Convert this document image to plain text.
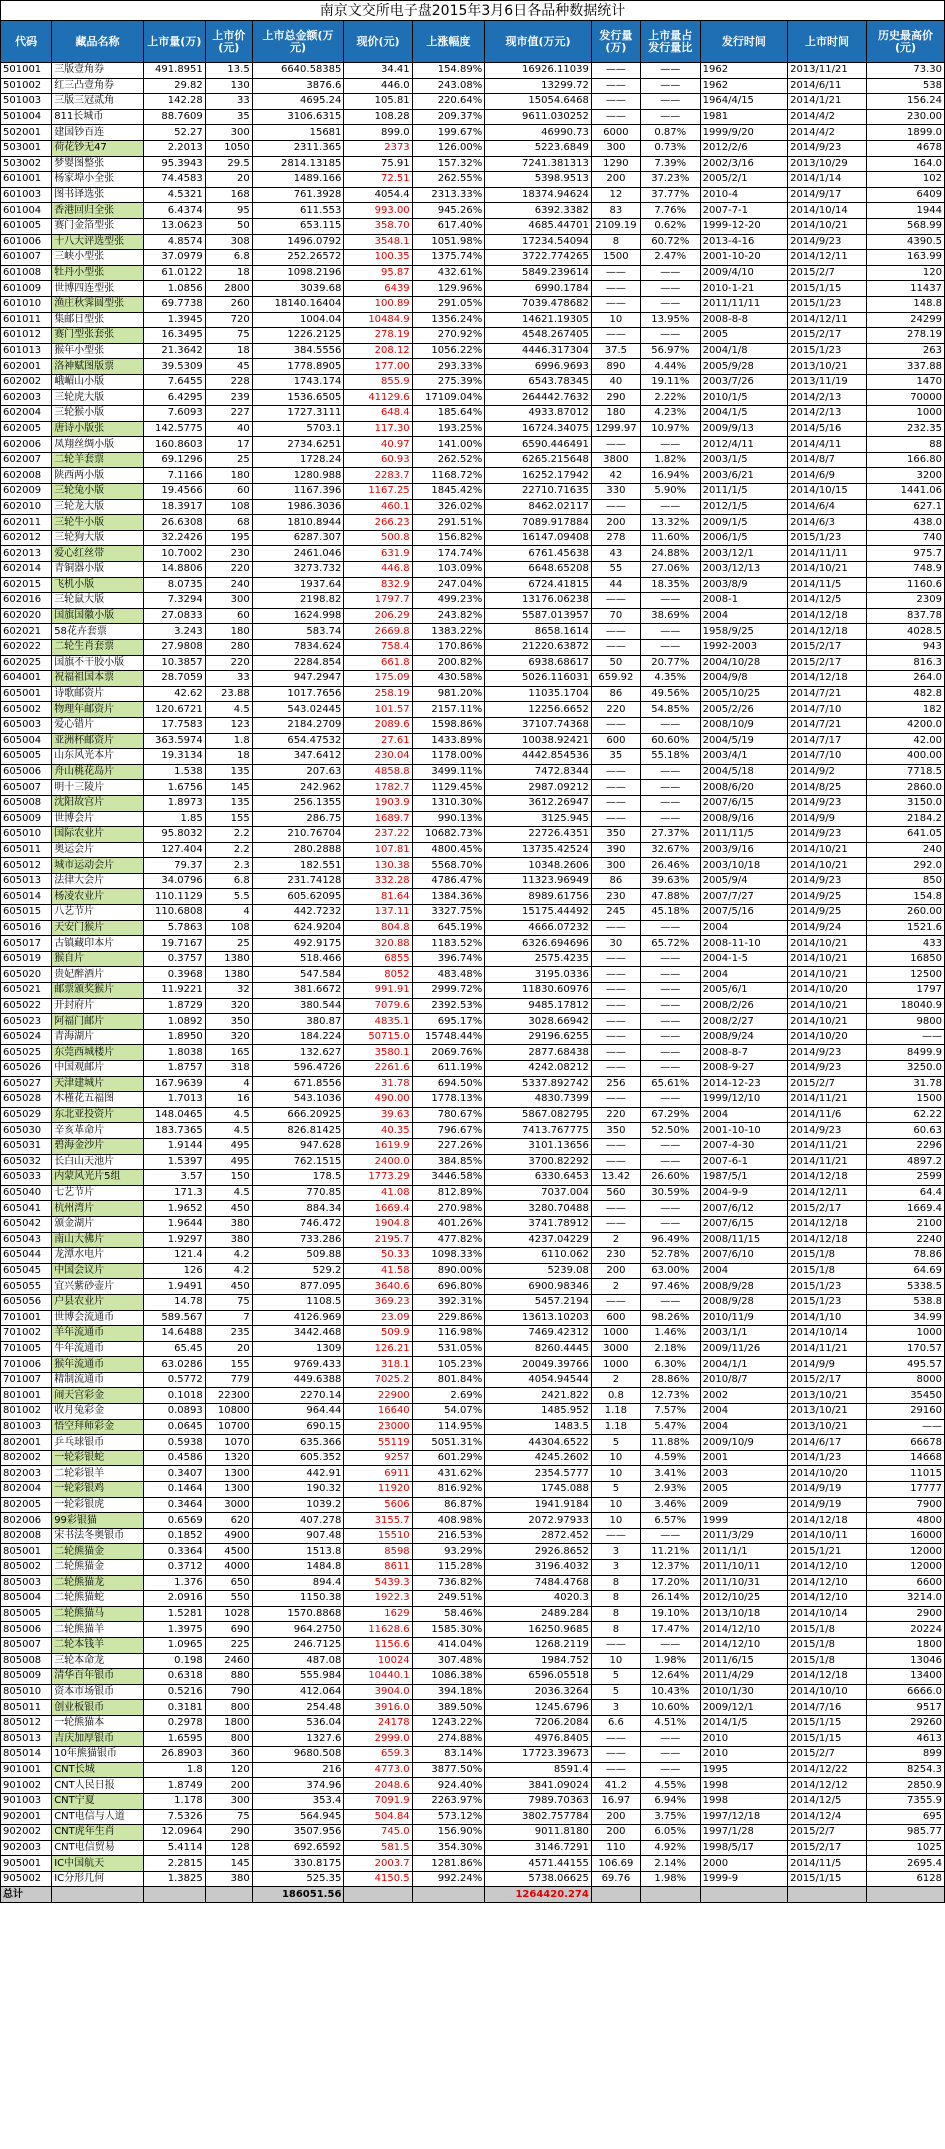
南京文交所电子盘2015年3月6日各品种数据统计
代码	藏品名称	上市量(万)	上市价(元)	上市总金额(万元)	现价(元)	上涨幅度	现市值(万元)	发行量(万)	上市量占发行量比	发行时间	上市时间	历史最高价(元)
501001	三版壹角券	491.8951	13.5	6640.58385	34.41	154.89%	16926.11039	——	——	1962	2013/11/21	73.30
501002	红三凸壹角券	29.82	130	3876.6	446.0	243.08%	13299.72	——	——	1962	2014/6/11	538
501003	三版三冠贰角	142.28	33	4695.24	105.81	220.64%	15054.6468	——	——	1964/4/15	2014/1/21	156.24
501004	811长城币	88.7609	35	3106.6315	108.28	209.37%	9611.030252	——	——	1981	2014/4/2	230.00
502001	建国钞百连	52.27	300	15681	899.0	199.67%	46990.73	6000	0.87%	1999/9/20	2014/4/2	1899.0
503001	荷花钞无47	2.2013	1050	2311.365	2373	126.00%	5223.6849	300	0.73%	2012/2/6	2014/9/23	4678
503002	梦婴图整张	95.3943	29.5	2814.13185	75.91	157.32%	7241.381313	1290	7.39%	2002/3/16	2013/10/29	164.0
601001	杨家埠小全张	74.4583	20	1489.166	72.51	262.55%	5398.9513	200	37.23%	2005/2/1	2014/1/14	102
601003	图书译选张	4.5321	168	761.3928	4054.4	2313.33%	18374.94624	12	37.77%	2010-4	2014/9/17	6409
601004	香港回归全张	6.4374	95	611.553	993.00	945.26%	6392.3382	83	7.76%	2007-7-1	2014/10/14	1944
601005	赛门金箔型张	13.0623	50	653.115	358.70	617.40%	4685.44701	2109.19	0.62%	1999-12-20	2014/10/21	568.99
601006	十八大评选型张	4.8574	308	1496.0792	3548.1	1051.98%	17234.54094	8	60.72%	2013-4-16	2014/9/23	4390.5
601007	三峡小型张	37.0979	6.8	252.26572	100.35	1375.74%	3722.774265	1500	2.47%	2001-10-20	2014/12/11	163.99
601008	牡丹小型张	61.0122	18	1098.2196	95.87	432.61%	5849.239614	——	——	2009/4/10	2015/2/7	120
601009	世博四连型张	1.0856	2800	3039.68	6439	129.96%	6990.1784	——	——	2010-1-21	2015/1/15	11437
601010	渔庄秋霁圆型张	69.7738	260	18140.16404	100.89	291.05%	7039.478682	——	——	2011/11/11	2015/1/23	148.8
601011	集邮日型张	1.3945	720	1004.04	10484.9	1356.24%	14621.19305	10	13.95%	2008-8-8	2014/12/11	24299
601012	赛门型张套张	16.3495	75	1226.2125	278.19	270.92%	4548.267405	——	——	2005	2015/2/17	278.19
601013	猴年小型张	21.3642	18	384.5556	208.12	1056.22%	4446.317304	37.5	56.97%	2004/1/8	2015/1/23	263
602001	洛神赋图版票	39.5309	45	1778.8905	177.00	293.33%	6996.9693	890	4.44%	2005/9/28	2013/10/21	337.88
602002	峨嵋山小版	7.6455	228	1743.174	855.9	275.39%	6543.78345	40	19.11%	2003/7/26	2013/11/19	1470
602003	三轮虎大版	6.4295	239	1536.6505	41129.6	17109.04%	264442.7632	290	2.22%	2010/1/5	2014/2/13	70000
602004	三轮猴小版	7.6093	227	1727.3111	648.4	185.64%	4933.87012	180	4.23%	2004/1/5	2014/2/13	1000
602005	唐诗小版张	142.5775	40	5703.1	117.30	193.25%	16724.34075	1299.97	10.97%	2009/9/13	2014/5/16	232.35
602006	凤翔丝绸小版	160.8603	17	2734.6251	40.97	141.00%	6590.446491	——	——	2012/4/11	2014/4/11	88
602007	二轮羊套票	69.1296	25	1728.24	60.93	262.52%	6265.215648	3800	1.82%	2003/1/5	2014/8/7	166.80
602008	陕西两小版	7.1166	180	1280.988	2283.7	1168.72%	16252.17942	42	16.94%	2003/6/21	2014/6/9	3200
602009	三轮兔小版	19.4566	60	1167.396	1167.25	1845.42%	22710.71635	330	5.90%	2011/1/5	2014/10/15	1441.06
602010	三轮龙大版	18.3917	108	1986.3036	460.1	326.02%	8462.02117	——	——	2012/1/5	2014/6/4	627.1
602011	三轮牛小版	26.6308	68	1810.8944	266.23	291.51%	7089.917884	200	13.32%	2009/1/5	2014/6/3	438.0
602012	三轮狗大版	32.2426	195	6287.307	500.8	156.82%	16147.09408	278	11.60%	2006/1/5	2015/1/23	740
602013	爱心红丝带	10.7002	230	2461.046	631.9	174.74%	6761.45638	43	24.88%	2003/12/1	2014/11/11	975.7
602014	青铜器小版	14.8806	220	3273.732	446.8	103.09%	6648.65208	55	27.06%	2003/12/13	2014/10/21	748.9
602015	飞机小版	8.0735	240	1937.64	832.9	247.04%	6724.41815	44	18.35%	2003/8/9	2014/11/5	1160.6
602016	三轮鼠大版	7.3294	300	2198.82	1797.7	499.23%	13176.06238	——	——	2008-1	2014/12/5	2309
602020	国旗国徽小版	27.0833	60	1624.998	206.29	243.82%	5587.013957	70	38.69%	2004	2014/12/18	837.78
602021	58花卉套票	3.243	180	583.74	2669.8	1383.22%	8658.1614	——	——	1958/9/25	2014/12/18	4028.5
602022	二轮生肖套票	27.9808	280	7834.624	758.4	170.86%	21220.63872	——	——	1992-2003	2015/2/17	943
602025	国旗不干胶小版	10.3857	220	2284.854	661.8	200.82%	6938.68617	50	20.77%	2004/10/28	2015/2/17	816.3
604001	祝福祖国本票	28.7059	33	947.2947	175.09	430.58%	5026.116031	659.92	4.35%	2004/9/8	2014/12/18	264.0
605001	诗歌邮资片	42.62	23.88	1017.7656	258.19	981.20%	11035.1704	86	49.56%	2005/10/25	2014/7/21	482.8
605002	物理年邮资片	120.6721	4.5	543.02445	101.57	2157.11%	12256.6652	220	54.85%	2005/2/26	2014/7/10	182
605003	爱心错片	17.7583	123	2184.2709	2089.6	1598.86%	37107.74368	——	——	2008/10/9	2014/7/21	4200.0
605004	亚洲杯邮资片	363.5974	1.8	654.47532	27.61	1433.89%	10038.92421	600	60.60%	2004/5/19	2014/7/17	42.00
605005	山东风光本片	19.3134	18	347.6412	230.04	1178.00%	4442.854536	35	55.18%	2003/4/1	2014/7/10	400.00
605006	舟山桃花岛片	1.538	135	207.63	4858.8	3499.11%	7472.8344	——	——	2004/5/18	2014/9/2	7718.5
605007	明十三陵片	1.6756	145	242.962	1782.7	1129.45%	2987.09212	——	——	2008/6/20	2014/8/25	2860.0
605008	沈阳故宫片	1.8973	135	256.1355	1903.9	1310.30%	3612.26947	——	——	2007/6/15	2014/9/23	3150.0
605009	世博会片	1.85	155	286.75	1689.7	990.13%	3125.945	——	——	2008/9/16	2014/9/9	2184.2
605010	国际农业片	95.8032	2.2	210.76704	237.22	10682.73%	22726.4351	350	27.37%	2011/11/5	2014/9/23	641.05
605011	奥运会片	127.404	2.2	280.2888	107.81	4800.45%	13735.42524	390	32.67%	2003/9/16	2014/10/21	240
605012	城市运动会片	79.37	2.3	182.551	130.38	5568.70%	10348.2606	300	26.46%	2003/10/18	2014/10/21	292.0
605013	法律大会片	34.0796	6.8	231.74128	332.28	4786.47%	11323.96949	86	39.63%	2005/9/4	2014/9/23	850
605014	杨凌农业片	110.1129	5.5	605.62095	81.64	1384.36%	8989.61756	230	47.88%	2007/7/27	2014/9/25	154.8
605015	八艺节片	110.6808	4	442.7232	137.11	3327.75%	15175.44492	245	45.18%	2007/5/16	2014/9/25	260.00
605016	天安门猴片	5.7863	108	624.9204	804.8	645.19%	4666.07232	——	——	2004	2014/9/24	1521.6
605017	古镇藏印本片	19.7167	25	492.9175	320.88	1183.52%	6326.694696	30	65.72%	2008-11-10	2014/10/21	433
605019	猴自片	0.3757	1380	518.466	6855	396.74%	2575.4235	——	——	2004-1-5	2014/10/21	16850
605020	贵妃醉酒片	0.3968	1380	547.584	8052	483.48%	3195.0336	——	——	2004	2014/10/21	12500
605021	邮票颁奖猴片	11.9221	32	381.6672	991.91	2999.72%	11830.60976	——	——	2005/6/1	2014/10/20	1797
605022	开封府片	1.8729	320	380.544	7079.6	2392.53%	9485.17812	——	——	2008/2/26	2014/10/21	18040.9
605023	阿福门邮片	1.0892	350	380.87	4835.1	695.17%	3028.66942	——	——	2008/2/27	2014/10/21	9800
605024	青海湖片	1.8950	320	184.224	50715.0	15748.44%	29196.6255	——	——	2008/9/24	2014/10/20	——
605025	东莞西城楼片	1.8038	165	132.627	3580.1	2069.76%	2877.68438	——	——	2008-8-7	2014/9/23	8499.9
605026	中国观邮片	1.8757	318	596.4726	2261.6	611.19%	4242.08212	——	——	2008-9-27	2014/9/23	3250.0
605027	天津建城片	167.9639	4	671.8556	31.78	694.50%	5337.892742	256	65.61%	2014-12-23	2015/2/7	31.78
605028	木槿花五福图	1.7013	16	543.1036	490.00	1778.13%	4830.7399	——	——	1999/12/10	2014/11/21	1500
605029	东北亚投资片	148.0465	4.5	666.20925	39.63	780.67%	5867.082795	220	67.29%	2004	2014/11/6	62.22
605030	辛亥革命片	183.7365	4.5	826.81425	40.35	796.67%	7413.767775	350	52.50%	2001-10-10	2014/9/23	60.63
605031	碧海金沙片	1.9144	495	947.628	1619.9	227.26%	3101.13656	——	——	2007-4-30	2014/11/21	2296
605032	长白山天池片	1.5397	495	762.1515	2400.0	384.85%	3700.82292	——	——	2007-6-1	2014/11/21	4897.2
605033	内蒙风光片5组	3.57	150	178.5	1773.29	3446.58%	6330.6453	13.42	26.60%	1987/5/1	2014/12/18	2599
605040	七艺节片	171.3	4.5	770.85	41.08	812.89%	7037.004	560	30.59%	2004-9-9	2014/12/11	64.4
605041	杭州湾片	1.9652	450	884.34	1669.4	270.98%	3280.70488	——	——	2007/6/12	2015/2/17	1669.4
605042	颁金湖片	1.9644	380	746.472	1904.8	401.26%	3741.78912	——	——	2007/6/15	2014/12/18	2100
605043	南山大佛片	1.9297	380	733.286	2195.7	477.82%	4237.04229	2	96.49%	2008/11/15	2014/12/18	2240
605044	龙潭水电片	121.4	4.2	509.88	50.33	1098.33%	6110.062	230	52.78%	2007/6/10	2015/1/8	78.86
605045	中国会议片	126	4.2	529.2	41.58	890.00%	5239.08	200	63.00%	2004	2015/1/8	64.69
605055	宜兴紫砂壶片	1.9491	450	877.095	3640.6	696.80%	6900.98346	2	97.46%	2008/9/28	2015/1/23	5338.5
605056	户县农业片	14.78	75	1108.5	369.23	392.31%	5457.2194	——	——	2008/9/28	2015/1/23	538.8
701001	世博会流通币	589.567	7	4126.969	23.09	229.86%	13613.10203	600	98.26%	2010/11/9	2014/1/10	34.99
701002	羊年流通币	14.6488	235	3442.468	509.9	116.98%	7469.42312	1000	1.46%	2003/1/1	2014/10/14	1000
701005	牛年流通币	65.45	20	1309	126.21	531.05%	8260.4445	3000	2.18%	2009/11/26	2014/11/21	170.57
701006	猴年流通币	63.0286	155	9769.433	318.1	105.23%	20049.39766	1000	6.30%	2004/1/1	2014/9/9	495.57
701007	精制流通币	0.5772	779	449.6388	7025.2	801.84%	4054.94544	2	28.86%	2010/8/7	2015/2/17	8000
801001	闹天宫彩金	0.1018	22300	2270.14	22900	2.69%	2421.822	0.8	12.73%	2002	2013/10/21	35450
801002	收月兔彩金	0.0893	10800	964.44	16640	54.07%	1485.952	1.18	7.57%	2004	2013/10/21	29160
801003	悟空拜师彩金	0.0645	10700	690.15	23000	114.95%	1483.5	1.18	5.47%	2004	2013/10/21	——
802001	乒乓球银币	0.5938	1070	635.366	55119	5051.31%	44304.6522	5	11.88%	2009/10/9	2014/6/17	66678
802002	一轮彩银蛇	0.4586	1320	605.352	9257	601.29%	4245.2602	10	4.59%	2001	2014/1/23	14668
802003	二轮彩银羊	0.3407	1300	442.91	6911	431.62%	2354.5777	10	3.41%	2003	2014/10/20	11015
802004	一轮彩银鸡	0.1464	1300	190.32	11920	816.92%	1745.088	5	2.93%	2005	2014/9/19	17777
802005	一轮彩银虎	0.3464	3000	1039.2	5606	86.87%	1941.9184	10	3.46%	2009	2014/9/19	7900
802006	99彩银猫	0.6569	620	407.278	3155.7	408.98%	2072.97933	10	6.57%	1999	2014/12/18	4800
802008	宋书法冬奥银币	0.1852	4900	907.48	15510	216.53%	2872.452	——	——	2011/3/29	2014/10/11	16000
805001	二轮熊猫金	0.3364	4500	1513.8	8598	93.29%	2926.8652	3	11.21%	2011/1/1	2015/1/21	12000
805002	二轮熊猫金	0.3712	4000	1484.8	8611	115.28%	3196.4032	3	12.37%	2011/10/11	2014/12/10	12000
805003	二轮熊猫龙	1.376	650	894.4	5439.3	736.82%	7484.4768	8	17.20%	2011/10/31	2014/12/10	6600
805004	二轮熊猫蛇	2.0916	550	1150.38	1922.3	249.51%	4020.3	8	26.14%	2012/10/25	2014/12/10	3214.0
805005	二轮熊猫马	1.5281	1028	1570.8868	1629	58.46%	2489.284	8	19.10%	2013/10/18	2014/10/14	2900
805006	二轮熊猫羊	1.3975	690	964.2750	11628.6	1585.30%	16250.9685	8	17.47%	2014/12/10	2015/1/8	20224
805007	二轮本钱羊	1.0965	225	246.7125	1156.6	414.04%	1268.2119	——	——	2014/12/10	2015/1/8	1800
805008	三轮本命龙	0.198	2460	487.08	10024	307.48%	1984.752	10	1.98%	2011/6/15	2015/1/8	13046
805009	清华百年银币	0.6318	880	555.984	10440.1	1086.38%	6596.05518	5	12.64%	2011/4/29	2014/12/18	13400
805010	资本市场银币	0.5216	790	412.064	3904.0	394.18%	2036.3264	5	10.43%	2010/1/30	2014/10/10	6666.0
805011	创业板银币	0.3181	800	254.48	3916.0	389.50%	1245.6796	3	10.60%	2009/12/1	2014/7/16	9517
805012	一轮熊猫本	0.2978	1800	536.04	24178	1243.22%	7206.2084	6.6	4.51%	2014/1/5	2015/1/15	29260
805013	吉庆加厚银币	1.6595	800	1327.6	2999.0	274.88%	4976.8405	——	——	2010	2015/1/15	4613
805014	10年熊猫银币	26.8903	360	9680.508	659.3	83.14%	17723.39673	——	——	2010	2015/2/7	899
901001	CNT长城	1.8	120	216	4773.0	3877.50%	8591.4	——	——	1995	2014/12/22	8254.3
901002	CNT人民日报	1.8749	200	374.96	2048.6	924.40%	3841.09024	41.2	4.55%	1998	2014/12/12	2850.9
901003	CNT宁夏	1.178	300	353.4	7091.9	2263.97%	7989.70363	16.97	6.94%	1998	2014/12/5	7355.9
902001	CNT电信与人道	7.5326	75	564.945	504.84	573.12%	3802.757784	200	3.75%	1997/12/18	2014/12/4	695
902002	CNT虎年生肖	12.0964	290	3507.956	745.0	156.90%	9011.8180	200	6.05%	1997/1/28	2015/2/7	985.77
902003	CNT电信贸易	5.4114	128	692.6592	581.5	354.30%	3146.7291	110	4.92%	1998/5/17	2015/2/17	1025
905001	IC中国航天	2.2815	145	330.8175	2003.7	1281.86%	4571.44155	106.69	2.14%	2000	2014/11/5	2695.4
905002	IC分形几何	1.3825	380	525.35	4150.5	992.24%	5738.06625	69.76	1.98%	1999-9	2015/1/15	6128
总计				186051.56			1264420.274					
